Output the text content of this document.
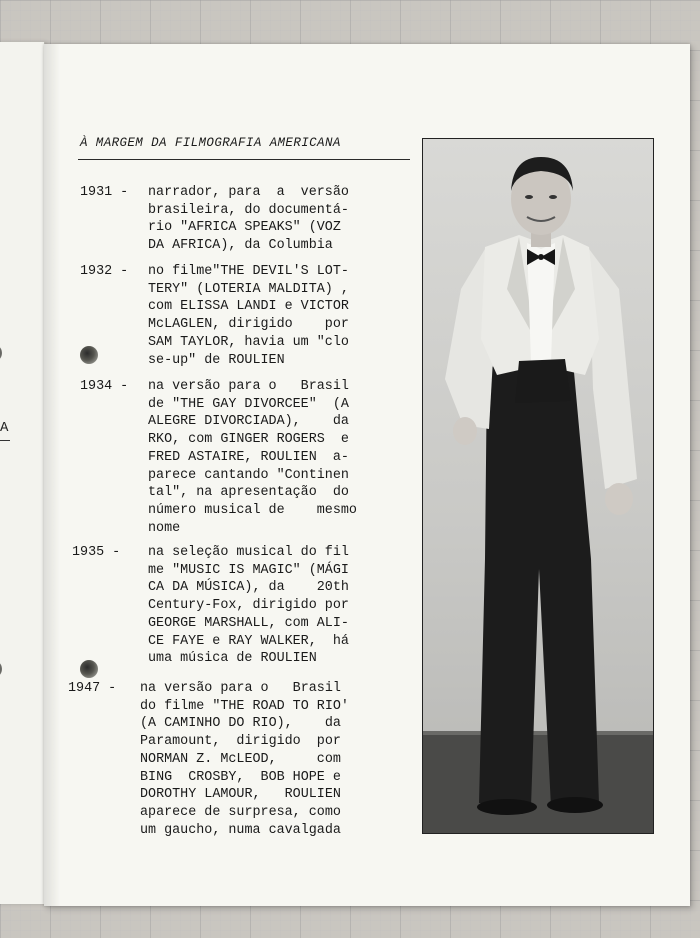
A
À MARGEM DA FILMOGRAFIA AMERICANA
1931 - narrador, para  a  versão
brasileira, do documentá-
rio "AFRICA SPEAKS" (VOZ
DA AFRICA), da Columbia
1932 - no filme"THE DEVIL'S LOT-
TERY" (LOTERIA MALDITA) ,
com ELISSA LANDI e VICTOR
McLAGLEN, dirigido    por
SAM TAYLOR, havia um "clo
se-up" de ROULIEN
1934 - na versão para o   Brasil
de "THE GAY DIVORCEE"  (A
ALEGRE DIVORCIADA),    da
RKO, com GINGER ROGERS  e
FRED ASTAIRE, ROULIEN  a-
parece cantando "Continen
tal", na apresentação  do
número musical de    mesmo
nome
1935 - na seleção musical do fil
me "MUSIC IS MAGIC" (MÁGI
CA DA MÚSICA), da    20th
Century-Fox, dirigido por
GEORGE MARSHALL, com ALI-
CE FAYE e RAY WALKER,  há
uma música de ROULIEN
1947 - na versão para o   Brasil
do filme "THE ROAD TO RIO'
(A CAMINHO DO RIO),    da
Paramount,  dirigido  por
NORMAN Z. McLEOD,     com
BING  CROSBY,  BOB HOPE e
DOROTHY LAMOUR,   ROULIEN
aparece de surpresa, como
um gaucho, numa cavalgada
